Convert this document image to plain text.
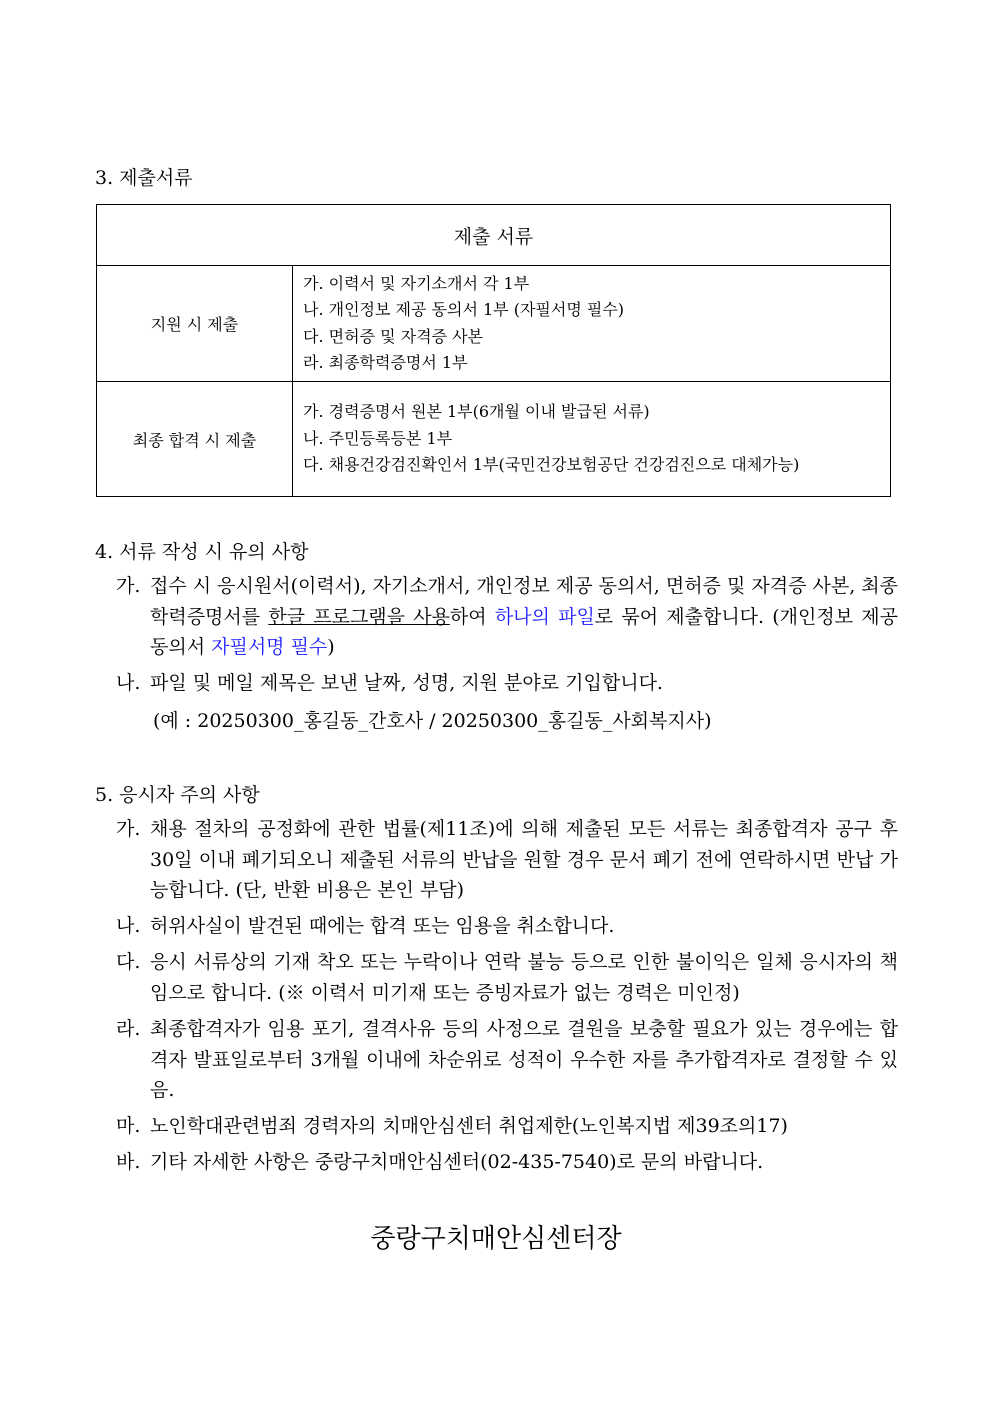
3. 제출서류
제출 서류	
지원 시 제출	가. 이력서 및 자기소개서 각 1부
나. 개인정보 제공 동의서 1부 (자필서명 필수)
다. 면허증 및 자격증 사본
라. 최종학력증명서 1부

최종 합격 시 제출	가. 경력증명서 원본 1부(6개월 이내 발급된 서류)
나. 주민등록등본 1부
다. 채용건강검진확인서 1부(국민건강보험공단 건강검진으로 대체가능)
4. 서류 작성 시 유의 사항
가. 접수 시 응시원서(이력서), 자기소개서, 개인정보 제공 동의서, 면허증 및 자격증 사본, 최종학력증명서를 한글 프로그램을 사용하여 하나의 파일로 묶어 제출합니다. (개인정보 제공 동의서 자필서명 필수)
나. 파일 및 메일 제목은 보낸 날짜, 성명, 지원 분야로 기입합니다.
(예 : 20250300_홍길동_간호사 / 20250300_홍길동_사회복지사)
5. 응시자 주의 사항
가. 채용 절차의 공정화에 관한 법률(제11조)에 의해 제출된 모든 서류는 최종합격자 공구 후 30일 이내 폐기되오니 제출된 서류의 반납을 원할 경우 문서 폐기 전에 연락하시면 반납 가능합니다. (단, 반환 비용은 본인 부담)
나. 허위사실이 발견된 때에는 합격 또는 임용을 취소합니다.
다. 응시 서류상의 기재 착오 또는 누락이나 연락 불능 등으로 인한 불이익은 일체 응시자의 책임으로 합니다. (※ 이력서 미기재 또는 증빙자료가 없는 경력은 미인정)
라. 최종합격자가 임용 포기, 결격사유 등의 사정으로 결원을 보충할 필요가 있는 경우에는 합격자 발표일로부터 3개월 이내에 차순위로 성적이 우수한 자를 추가합격자로 결정할 수 있음.
마. 노인학대관련범죄 경력자의 치매안심센터 취업제한(노인복지법 제39조의17)
바. 기타 자세한 사항은 중랑구치매안심센터(02-435-7540)로 문의 바랍니다.
중랑구치매안심센터장
